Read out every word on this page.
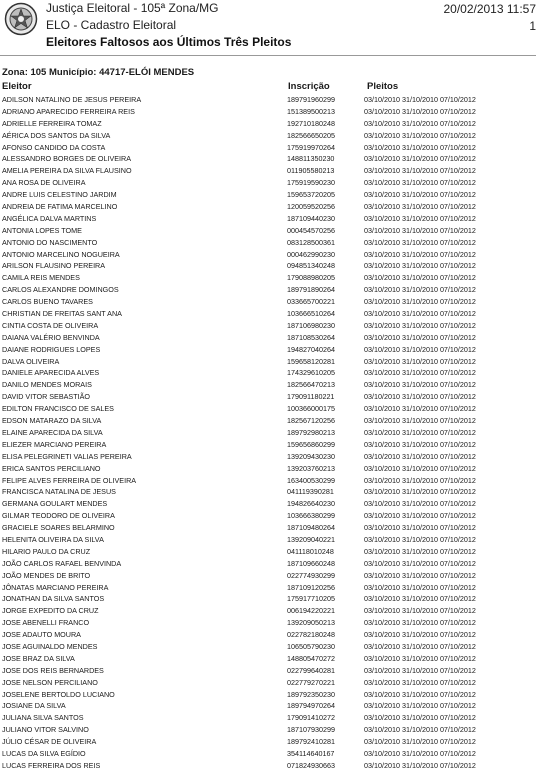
Justiça Eleitoral - 105ª Zona/MG
ELO - Cadastro Eleitoral
Eleitores Faltosos aos Últimos Três Pleitos
20/02/2013 11:57
1
Zona: 105 Município: 44717-ELÓI MENDES
Eleitor	Inscrição	Pleitos
ADILSON NATALINO DE JESUS PEREIRA	189791960299	03/10/2010 31/10/2010 07/10/2012
ADRIANO APARECIDO FERREIRA REIS	151389500213	03/10/2010 31/10/2010 07/10/2012
ADRIELLE FERREIRA TOMAZ	192710180248	03/10/2010 31/10/2010 07/10/2012
AÉRICA DOS SANTOS DA SILVA	182566650205	03/10/2010 31/10/2010 07/10/2012
AFONSO CANDIDO DA COSTA	175919970264	03/10/2010 31/10/2010 07/10/2012
ALESSANDRO BORGES DE OLIVEIRA	148811350230	03/10/2010 31/10/2010 07/10/2012
AMELIA PEREIRA DA SILVA FLAUSINO	011905580213	03/10/2010 31/10/2010 07/10/2012
ANA ROSA DE OLIVEIRA	175919590230	03/10/2010 31/10/2010 07/10/2012
ANDRE LUIS CELESTINO JARDIM	159653720205	03/10/2010 31/10/2010 07/10/2012
ANDREIA DE FATIMA MARCELINO	120059520256	03/10/2010 31/10/2010 07/10/2012
ANGÉLICA DALVA MARTINS	187109440230	03/10/2010 31/10/2010 07/10/2012
ANTONIA LOPES TOME	000454570256	03/10/2010 31/10/2010 07/10/2012
ANTONIO DO NASCIMENTO	083128500361	03/10/2010 31/10/2010 07/10/2012
ANTONIO MARCELINO NOGUEIRA	000462990230	03/10/2010 31/10/2010 07/10/2012
ARILSON FLAUSINO PEREIRA	094851340248	03/10/2010 31/10/2010 07/10/2012
CAMILA REIS MENDES	179088980205	03/10/2010 31/10/2010 07/10/2012
CARLOS ALEXANDRE DOMINGOS	189791890264	03/10/2010 31/10/2010 07/10/2012
CARLOS BUENO TAVARES	033665700221	03/10/2010 31/10/2010 07/10/2012
CHRISTIAN DE FREITAS SANT ANA	103666510264	03/10/2010 31/10/2010 07/10/2012
CINTIA COSTA DE OLIVEIRA	187106980230	03/10/2010 31/10/2010 07/10/2012
DAIANA VALÉRIO BENVINDA	187108530264	03/10/2010 31/10/2010 07/10/2012
DAIANE RODRIGUES LOPES	194827040264	03/10/2010 31/10/2010 07/10/2012
DALVA OLIVEIRA	159658120281	03/10/2010 31/10/2010 07/10/2012
DANIELE APARECIDA ALVES	174329610205	03/10/2010 31/10/2010 07/10/2012
DANILO MENDES MORAIS	182566470213	03/10/2010 31/10/2010 07/10/2012
DAVID VITOR SEBASTIÃO	179091180221	03/10/2010 31/10/2010 07/10/2012
EDILTON FRANCISCO DE SALES	100366000175	03/10/2010 31/10/2010 07/10/2012
EDSON MATARAZO DA SILVA	182567120256	03/10/2010 31/10/2010 07/10/2012
ELAINE APARECIDA DA SILVA	189792980213	03/10/2010 31/10/2010 07/10/2012
ELIEZER MARCIANO PEREIRA	159656860299	03/10/2010 31/10/2010 07/10/2012
ELISA PELEGRINETI VALIAS PEREIRA	139209430230	03/10/2010 31/10/2010 07/10/2012
ERICA SANTOS PERCILIANO	139203760213	03/10/2010 31/10/2010 07/10/2012
FELIPE ALVES FERREIRA DE OLIVEIRA	163400530299	03/10/2010 31/10/2010 07/10/2012
FRANCISCA NATALINA DE JESUS	041119390281	03/10/2010 31/10/2010 07/10/2012
GERMANA GOULART MENDES	194826640230	03/10/2010 31/10/2010 07/10/2012
GILMAR TEODORO DE OLIVEIRA	103666380299	03/10/2010 31/10/2010 07/10/2012
GRACIELE SOARES BELARMINO	187109480264	03/10/2010 31/10/2010 07/10/2012
HELENITA OLIVEIRA DA SILVA	139209040221	03/10/2010 31/10/2010 07/10/2012
HILARIO PAULO DA CRUZ	041118010248	03/10/2010 31/10/2010 07/10/2012
JOÃO CARLOS RAFAEL BENVINDA	187109660248	03/10/2010 31/10/2010 07/10/2012
JOÃO MENDES DE BRITO	022774930299	03/10/2010 31/10/2010 07/10/2012
JÔNATAS MARCIANO PEREIRA	187109120256	03/10/2010 31/10/2010 07/10/2012
JONATHAN DA SILVA SANTOS	175917710205	03/10/2010 31/10/2010 07/10/2012
JORGE EXPEDITO DA CRUZ	006194220221	03/10/2010 31/10/2010 07/10/2012
JOSE ABENELLI FRANCO	139209050213	03/10/2010 31/10/2010 07/10/2012
JOSE ADAUTO MOURA	022782180248	03/10/2010 31/10/2010 07/10/2012
JOSE AGUINALDO MENDES	106505790230	03/10/2010 31/10/2010 07/10/2012
JOSE BRAZ DA SILVA	148805470272	03/10/2010 31/10/2010 07/10/2012
JOSE DOS REIS BERNARDES	022799640281	03/10/2010 31/10/2010 07/10/2012
JOSE NELSON PERCILIANO	022779270221	03/10/2010 31/10/2010 07/10/2012
JOSELENE BERTOLDO LUCIANO	189792350230	03/10/2010 31/10/2010 07/10/2012
JOSIANE DA SILVA	189794970264	03/10/2010 31/10/2010 07/10/2012
JULIANA SILVA SANTOS	179091410272	03/10/2010 31/10/2010 07/10/2012
JULIANO VITOR SALVINO	187107930299	03/10/2010 31/10/2010 07/10/2012
JÚLIO CÉSAR DE OLIVEIRA	189792410281	03/10/2010 31/10/2010 07/10/2012
LUCAS DA SILVA EGÍDIO	354114640167	03/10/2010 31/10/2010 07/10/2012
LUCAS FERREIRA DOS REIS	071824930663	03/10/2010 31/10/2010 07/10/2012
